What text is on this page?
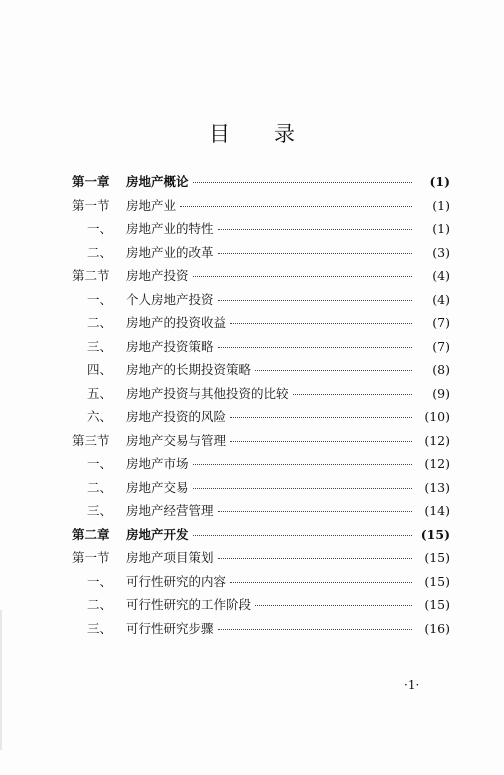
目 录
第一章	房地产概论	(1)
第一节	房地产业	(1)
一、	房地产业的特性	(1)
二、	房地产业的改革	(3)
第二节	房地产投资	(4)
一、	个人房地产投资	(4)
二、	房地产的投资收益	(7)
三、	房地产投资策略	(7)
四、	房地产的长期投资策略	(8)
五、	房地产投资与其他投资的比较	(9)
六、	房地产投资的风险	(10)
第三节	房地产交易与管理	(12)
一、	房地产市场	(12)
二、	房地产交易	(13)
三、	房地产经营管理	(14)
第二章	房地产开发	(15)
第一节	房地产项目策划	(15)
一、	可行性研究的内容	(15)
二、	可行性研究的工作阶段	(15)
三、	可行性研究步骤	(16)
·1·
